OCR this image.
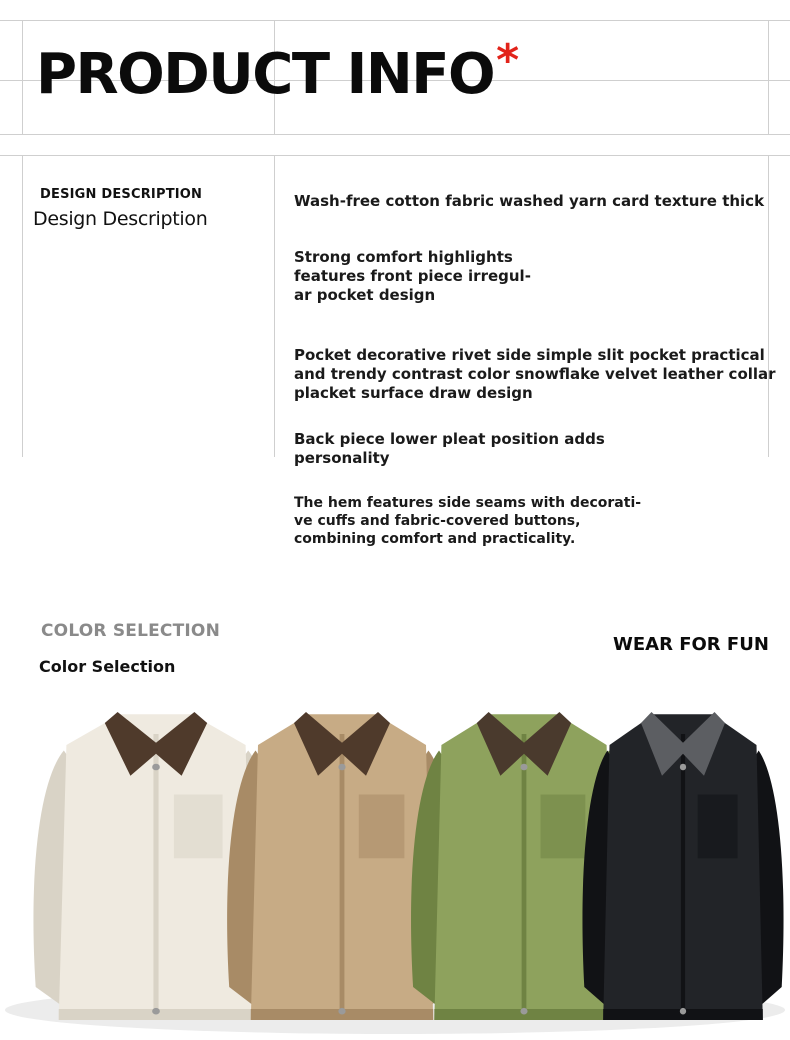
PRODUCT INFO*
DESIGN DESCRIPTION
Design Description
Wash-free cotton fabric washed yarn card texture thick
Strong comfort highlights
features front piece irregul-
ar pocket design
Pocket decorative rivet side simple slit pocket practical
and trendy contrast color snowflake velvet leather collar
placket surface draw design
Back piece lower pleat position adds
personality
The hem features side seams with decorati-
ve cuffs and fabric-covered buttons,
combining comfort and practicality.
COLOR SELECTION
Color Selection
WEAR FOR FUN
